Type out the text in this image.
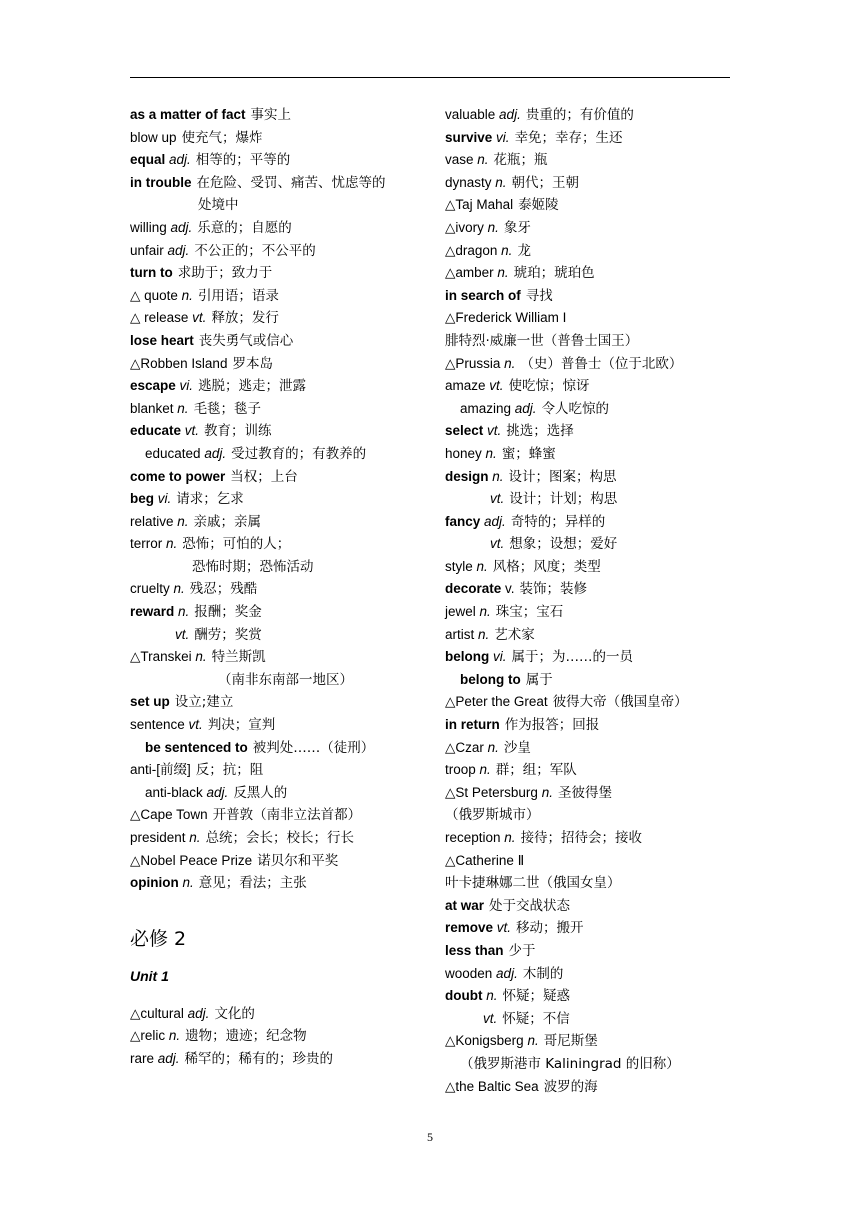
as a matter of fact 事实上
blow up 使充气；爆炸
equal adj. 相等的；平等的
in trouble 在危险、受罚、痛苦、忧虑等的
处境中
willing adj. 乐意的；自愿的
unfair adj. 不公正的；不公平的
turn to 求助于；致力于
△ quote n. 引用语；语录
△ release vt. 释放；发行
lose heart 丧失勇气或信心
△Robben Island 罗本岛
escape vi. 逃脱；逃走；泄露
blanket n. 毛毯；毯子
educate vt. 教育；训练
educated adj. 受过教育的；有教养的
come to power 当权；上台
beg vi. 请求；乞求
relative n. 亲戚；亲属
terror n. 恐怖；可怕的人；
恐怖时期；恐怖活动
cruelty n. 残忍；残酷
reward n. 报酬；奖金
vt. 酬劳；奖赏
△Transkei n. 特兰斯凯
（南非东南部一地区）
set up 设立;建立
sentence vt. 判决；宣判
be sentenced to 被判处……（徒刑）
anti-[前缀] 反；抗；阻
anti-black adj. 反黑人的
△Cape Town 开普敦（南非立法首都）
president n. 总统；会长；校长；行长
△Nobel Peace Prize 诺贝尔和平奖
opinion n. 意见；看法；主张
必修 2
Unit 1
△cultural adj. 文化的
△relic n. 遗物；遗迹；纪念物
rare adj. 稀罕的；稀有的；珍贵的
valuable adj. 贵重的；有价值的
survive vi. 幸免；幸存；生还
vase n. 花瓶；瓶
dynasty n. 朝代；王朝
△Taj Mahal 泰姬陵
△ivory n. 象牙
△dragon n. 龙
△amber n. 琥珀；琥珀色
in search of 寻找
△Frederick William I
腓特烈·威廉一世（普鲁士国王）
△Prussia n. （史）普鲁士（位于北欧）
amaze vt. 使吃惊；惊讶
amazing adj. 令人吃惊的
select vt. 挑选；选择
honey n. 蜜；蜂蜜
design n. 设计；图案；构思
vt. 设计；计划；构思
fancy adj. 奇特的；异样的
vt. 想象；设想；爱好
style n. 风格；风度；类型
decorate v. 装饰；装修
jewel n. 珠宝；宝石
artist n. 艺术家
belong vi. 属于；为……的一员
belong to 属于
△Peter the Great 彼得大帝（俄国皇帝）
in return 作为报答；回报
△Czar n. 沙皇
troop n. 群；组；军队
△St Petersburg n. 圣彼得堡
（俄罗斯城市）
reception n. 接待；招待会；接收
△Catherine Ⅱ
叶卡捷琳娜二世（俄国女皇）
at war 处于交战状态
remove vt. 移动；搬开
less than 少于
wooden adj. 木制的
doubt n. 怀疑；疑惑
vt. 怀疑；不信
△Konigsberg n. 哥尼斯堡
（俄罗斯港市 Kaliningrad 的旧称）
△the Baltic Sea 波罗的海
5
